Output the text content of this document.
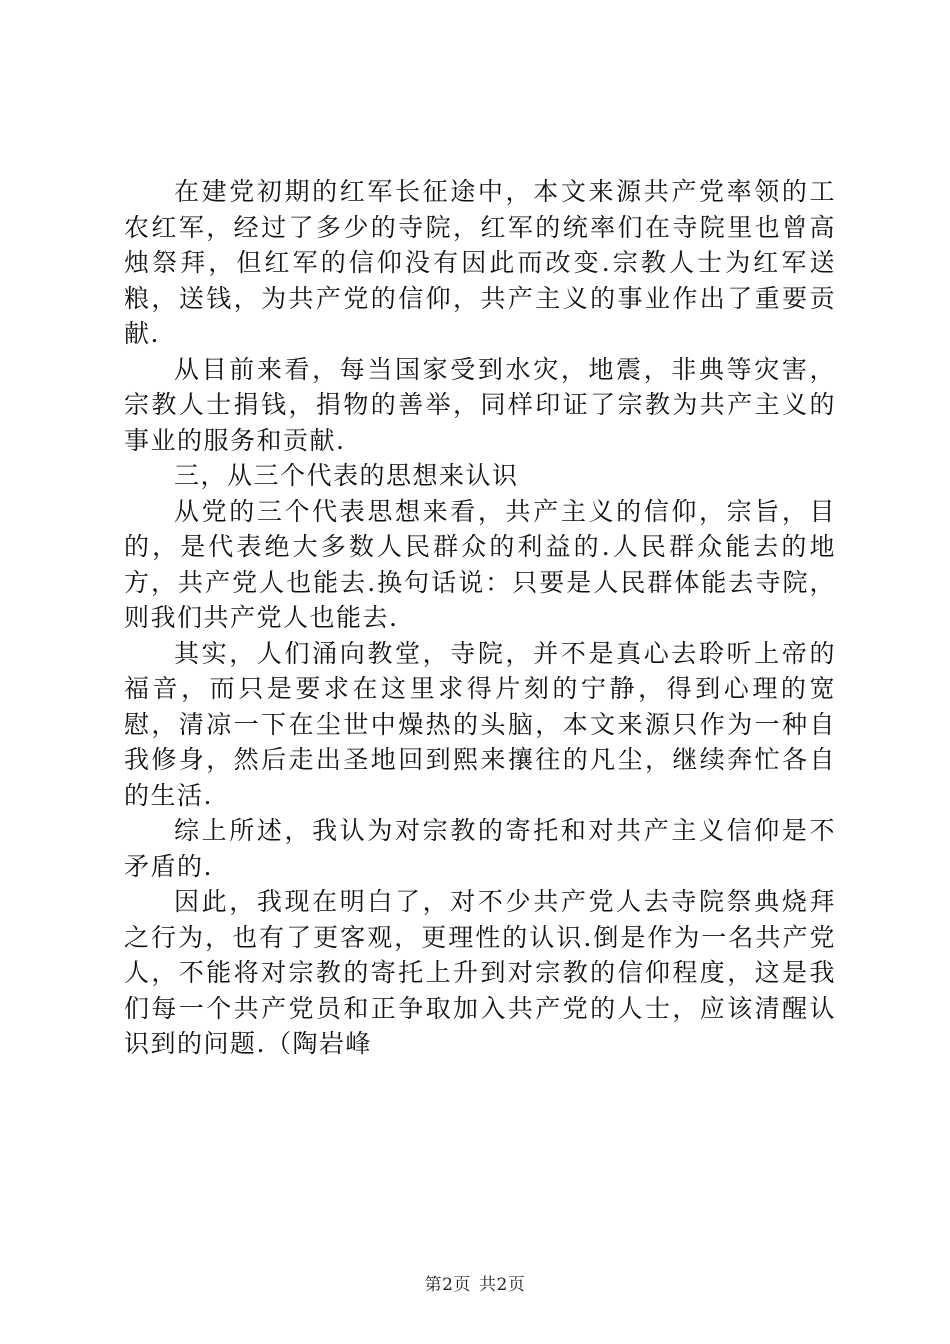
在建党初期的红军长征途中，本文来源共产党率领的工农红军，经过了多少的寺院，红军的统率们在寺院里也曾高烛祭拜，但红军的信仰没有因此而改变.宗教人士为红军送粮，送钱，为共产党的信仰，共产主义的事业作出了重要贡献.

从目前来看，每当国家受到水灾，地震，非典等灾害，宗教人士捐钱，捐物的善举，同样印证了宗教为共产主义的事业的服务和贡献.

三，从三个代表的思想来认识

从党的三个代表思想来看，共产主义的信仰，宗旨，目的，是代表绝大多数人民群众的利益的.人民群众能去的地方，共产党人也能去.换句话说：只要是人民群体能去寺院，则我们共产党人也能去.

其实，人们涌向教堂，寺院，并不是真心去聆听上帝的福音，而只是要求在这里求得片刻的宁静，得到心理的宽慰，清凉一下在尘世中燥热的头脑，本文来源只作为一种自我修身，然后走出圣地回到熙来攘往的凡尘，继续奔忙各自的生活.

综上所述，我认为对宗教的寄托和对共产主义信仰是不矛盾的.

因此，我现在明白了，对不少共产党人去寺院祭典烧拜之行为，也有了更客观，更理性的认识.倒是作为一名共产党人，不能将对宗教的寄托上升到对宗教的信仰程度，这是我们每一个共产党员和正争取加入共产党的人士，应该清醒认识到的问题.（陶岩峰

第2页 共2页
